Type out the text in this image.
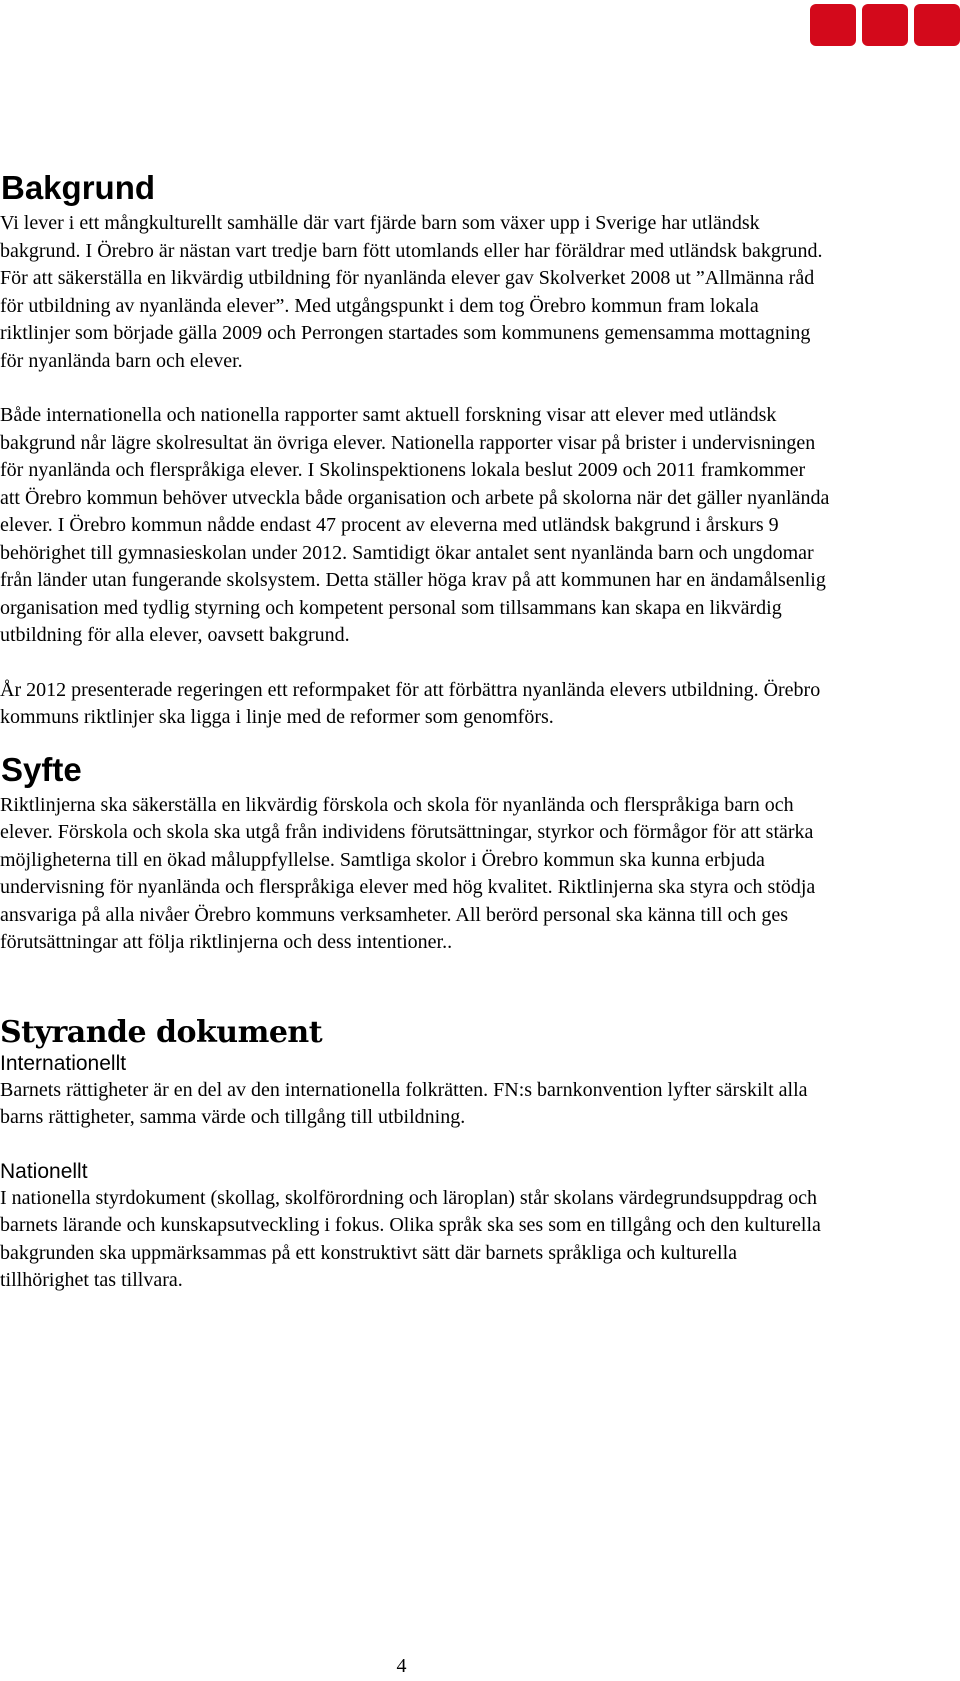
Bakgrund

Vi lever i ett mångkulturellt samhälle där vart fjärde barn som växer upp i Sverige har utländsk bakgrund. I Örebro är nästan vart tredje barn fött utomlands eller har föräldrar med utländsk bakgrund. För att säkerställa en likvärdig utbildning för nyanlända elever gav Skolverket 2008 ut ”Allmänna råd för utbildning av nyanlända elever”. Med utgångspunkt i dem tog Örebro kommun fram lokala riktlinjer som började gälla 2009 och Perrongen startades som kommunens gemensamma mottagning för nyanlända barn och elever.

Både internationella och nationella rapporter samt aktuell forskning visar att elever med utländsk bakgrund når lägre skolresultat än övriga elever. Nationella rapporter visar på brister i undervisningen för nyanlända och flerspråkiga elever. I Skolinspektionens lokala beslut 2009 och 2011 framkommer att Örebro kommun behöver utveckla både organisation och arbete på skolorna när det gäller nyanlända elever. I Örebro kommun nådde endast 47 procent av eleverna med utländsk bakgrund i årskurs 9 behörighet till gymnasieskolan under 2012. Samtidigt ökar antalet sent nyanlända barn och ungdomar från länder utan fungerande skolsystem. Detta ställer höga krav på att kommunen har en ändamålsenlig organisation med tydlig styrning och kompetent personal som tillsammans kan skapa en likvärdig utbildning för alla elever, oavsett bakgrund.

År 2012 presenterade regeringen ett reformpaket för att förbättra nyanlända elevers utbildning. Örebro kommuns riktlinjer ska ligga i linje med de reformer som genomförs.

Syfte

Riktlinjerna ska säkerställa en likvärdig förskola och skola för nyanlända och flerspråkiga barn och elever. Förskola och skola ska utgå från individens förutsättningar, styrkor och förmågor för att stärka möjligheterna till en ökad måluppfyllelse. Samtliga skolor i Örebro kommun ska kunna erbjuda undervisning för nyanlända och flerspråkiga elever med hög kvalitet. Riktlinjerna ska styra och stödja ansvariga på alla nivåer Örebro kommuns verksamheter. All berörd personal ska känna till och ges förutsättningar att följa riktlinjerna och dess intentioner..

Styrande dokument
Internationellt

Barnets rättigheter är en del av den internationella folkrätten. FN:s barnkonvention lyfter särskilt alla barns rättigheter, samma värde och tillgång till utbildning.

Nationellt

I nationella styrdokument (skollag, skolförordning och läroplan) står skolans värdegrundsuppdrag och barnets lärande och kunskapsutveckling i fokus. Olika språk ska ses som en tillgång och den kulturella bakgrunden ska uppmärksammas på ett konstruktivt sätt där barnets språkliga och kulturella tillhörighet tas tillvara.

4
